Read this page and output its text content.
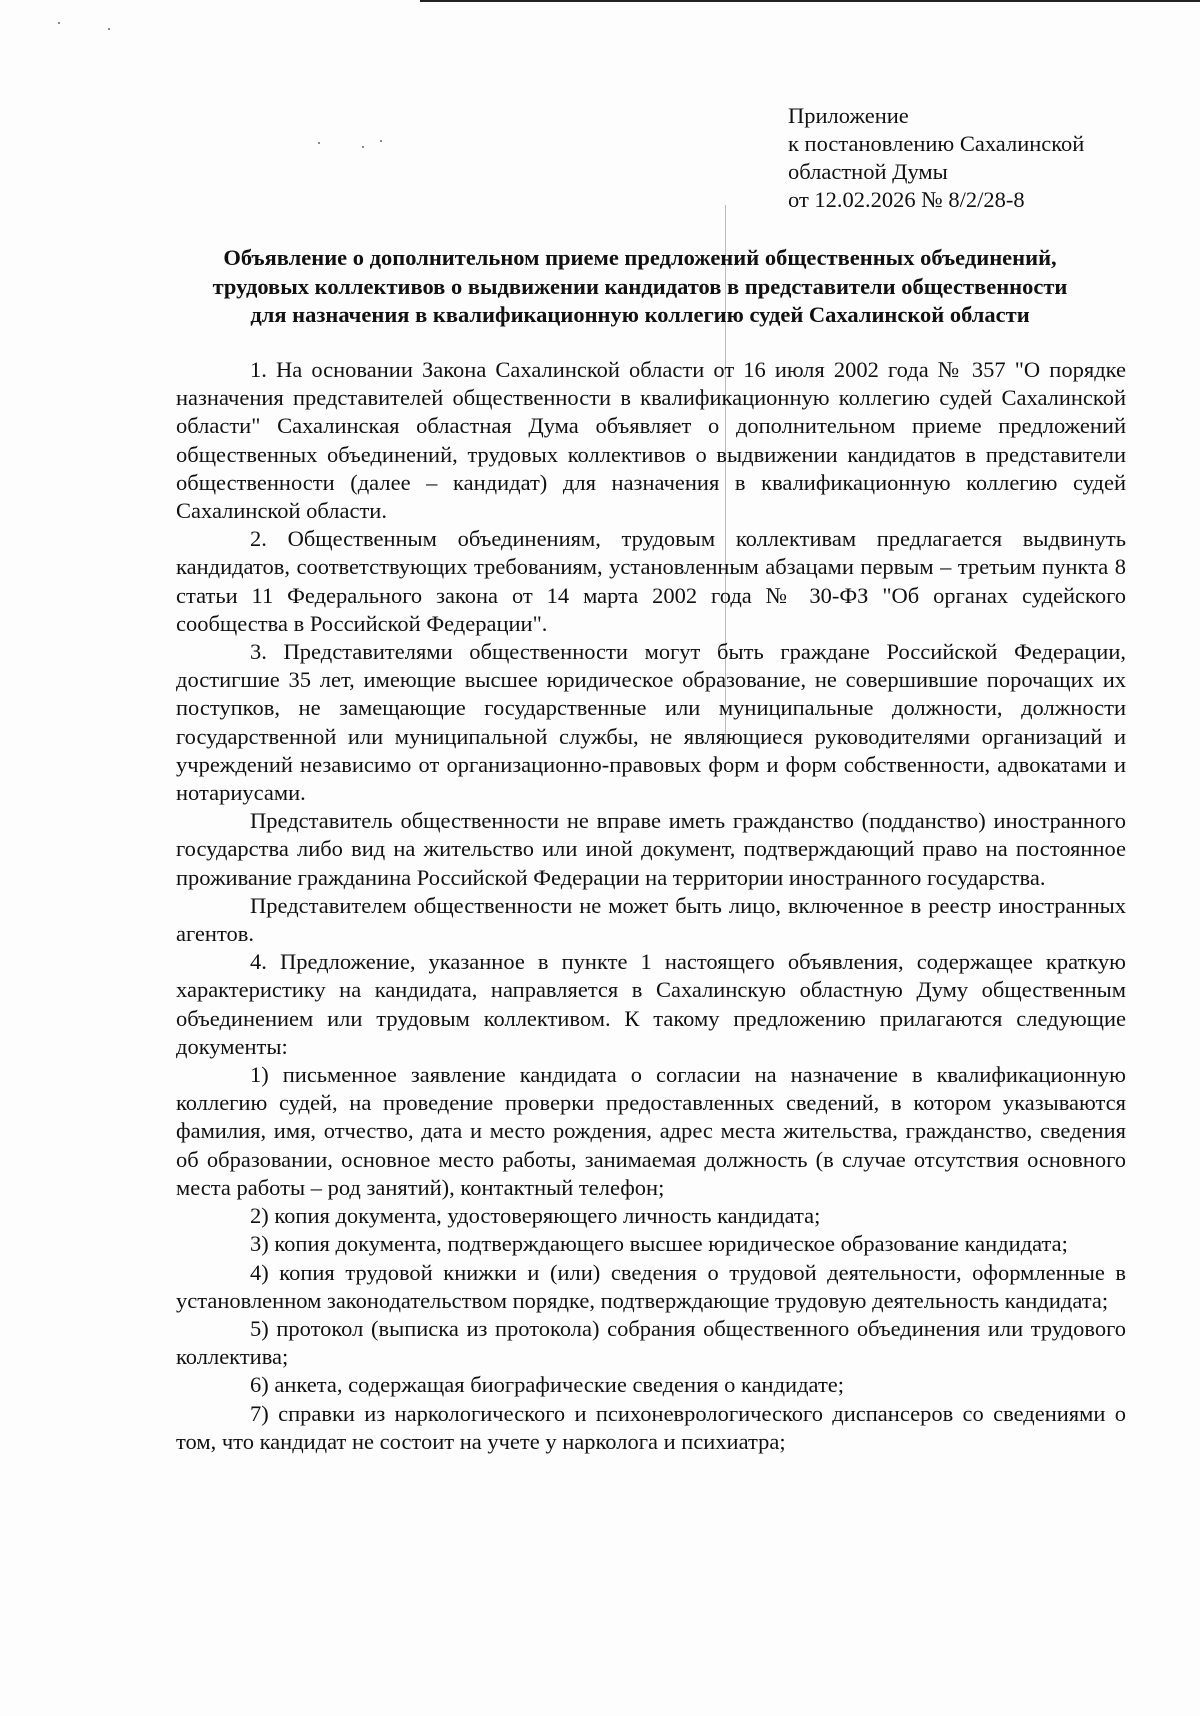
Приложение
к постановлению Сахалинской
областной Думы
от 12.02.2026 № 8/2/28-8
Объявление о дополнительном приеме предложений общественных объединений,
трудовых коллективов о выдвижении кандидатов в представители общественности
для назначения в квалификационную коллегию судей Сахалинской области

1. На основании Закона Сахалинской области от 16 июля 2002 года № 357 "О порядке назначения представителей общественности в квалификационную коллегию судей Сахалинской области" Сахалинская областная Дума объявляет о дополнительном приеме предложений общественных объединений, трудовых коллективов о выдвижении кандидатов в представители общественности (далее – кандидат) для назначения в квалификационную коллегию судей Сахалинской области.

2. Общественным объединениям, трудовым коллективам предлагается выдвинуть кандидатов, соответствующих требованиям, установленным абзацами первым – третьим пункта 8 статьи 11 Федерального закона от 14 марта 2002 года № 30-ФЗ "Об органах судейского сообщества в Российской Федерации".

3. Представителями общественности могут быть граждане Российской Федерации, достигшие 35 лет, имеющие высшее юридическое образование, не совершившие порочащих их поступков, не замещающие государственные или муниципальные должности, должности государственной или муниципальной службы, не являющиеся руководителями организаций и учреждений независимо от организационно-правовых форм и форм собственности, адвокатами и нотариусами.

Представитель общественности не вправе иметь гражданство (подданство) иностранного государства либо вид на жительство или иной документ, подтверждающий право на постоянное проживание гражданина Российской Федерации на территории иностранного государства.

Представителем общественности не может быть лицо, включенное в реестр иностранных агентов.

4. Предложение, указанное в пункте 1 настоящего объявления, содержащее краткую характеристику на кандидата, направляется в Сахалинскую областную Думу общественным объединением или трудовым коллективом. К такому предложению прилагаются следующие документы:

1) письменное заявление кандидата о согласии на назначение в квалификационную коллегию судей, на проведение проверки предоставленных сведений, в котором указываются фамилия, имя, отчество, дата и место рождения, адрес места жительства, гражданство, сведения об образовании, основное место работы, занимаемая должность (в случае отсутствия основного места работы – род занятий), контактный телефон;

2) копия документа, удостоверяющего личность кандидата;

3) копия документа, подтверждающего высшее юридическое образование кандидата;

4) копия трудовой книжки и (или) сведения о трудовой деятельности, оформленные в установленном законодательством порядке, подтверждающие трудовую деятельность кандидата;

5) протокол (выписка из протокола) собрания общественного объединения или трудового коллектива;

6) анкета, содержащая биографические сведения о кандидате;

7) справки из наркологического и психоневрологического диспансеров со сведениями о том, что кандидат не состоит на учете у нарколога и психиатра;
